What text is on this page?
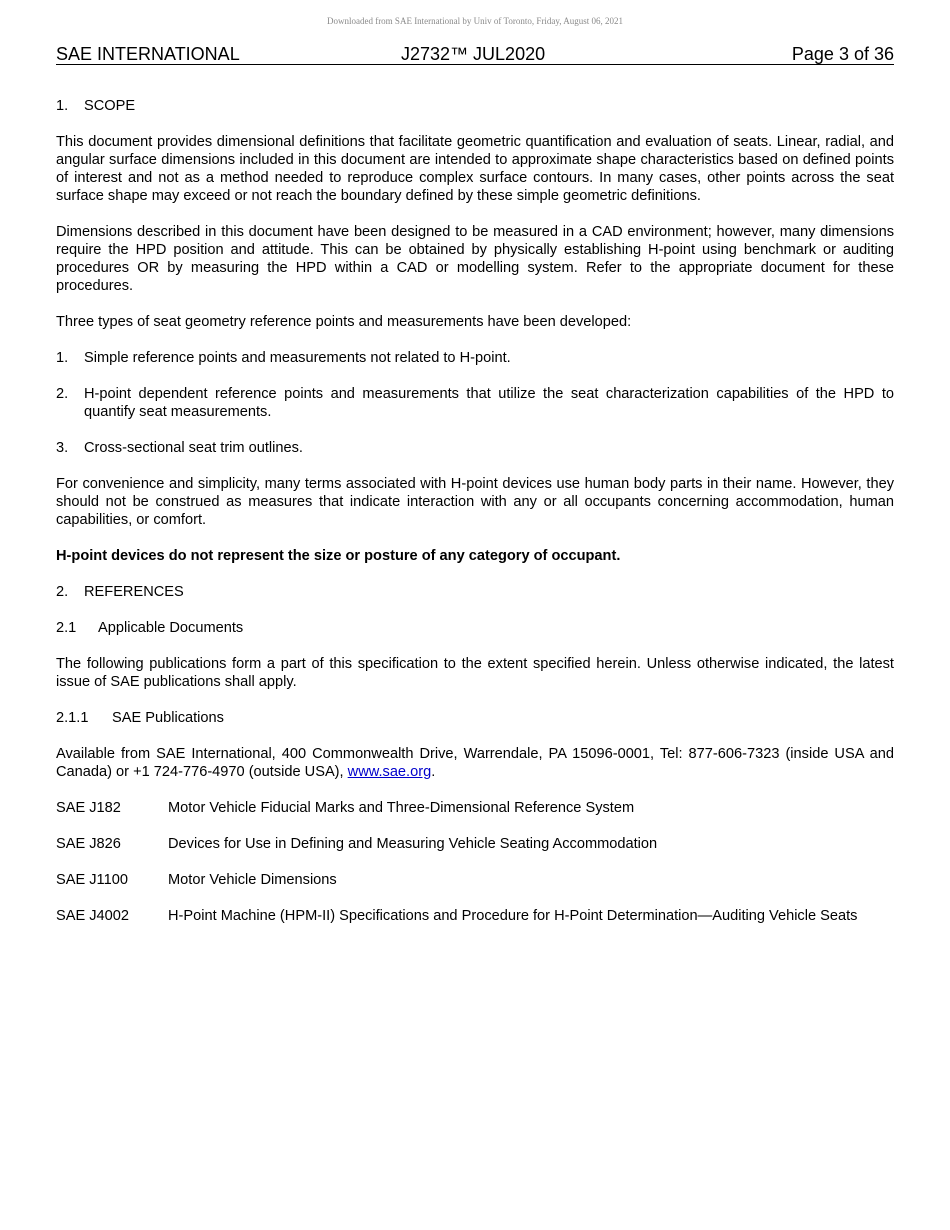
Downloaded from SAE International by Univ of Toronto, Friday, August 06, 2021
SAE INTERNATIONAL	J2732™ JUL2020	Page 3 of 36
1. SCOPE

This document provides dimensional definitions that facilitate geometric quantification and evaluation of seats. Linear, radial, and angular surface dimensions included in this document are intended to approximate shape characteristics based on defined points of interest and not as a method needed to reproduce complex surface contours. In many cases, other points across the seat surface shape may exceed or not reach the boundary defined by these simple geometric definitions.

Dimensions described in this document have been designed to be measured in a CAD environment; however, many dimensions require the HPD position and attitude. This can be obtained by physically establishing H-point using benchmark or auditing procedures OR by measuring the HPD within a CAD or modelling system. Refer to the appropriate document for these procedures.

Three types of seat geometry reference points and measurements have been developed:

1.	Simple reference points and measurements not related to H-point.
2.	H-point dependent reference points and measurements that utilize the seat characterization capabilities of the HPD to quantify seat measurements.
3.	Cross-sectional seat trim outlines.

For convenience and simplicity, many terms associated with H-point devices use human body parts in their name. However, they should not be construed as measures that indicate interaction with any or all occupants concerning accommodation, human capabilities, or comfort.

H-point devices do not represent the size or posture of any category of occupant.

2. REFERENCES
2.1 Applicable Documents

The following publications form a part of this specification to the extent specified herein. Unless otherwise indicated, the latest issue of SAE publications shall apply.

2.1.1 SAE Publications

Available from SAE International, 400 Commonwealth Drive, Warrendale, PA 15096-0001, Tel: 877-606-7323 (inside USA and Canada) or +1 724-776-4970 (outside USA), www.sae.org.

SAE J182	Motor Vehicle Fiducial Marks and Three-Dimensional Reference System
SAE J826	Devices for Use in Defining and Measuring Vehicle Seating Accommodation
SAE J1100	Motor Vehicle Dimensions
SAE J4002	H-Point Machine (HPM-II) Specifications and Procedure for H-Point Determination—Auditing Vehicle Seats
